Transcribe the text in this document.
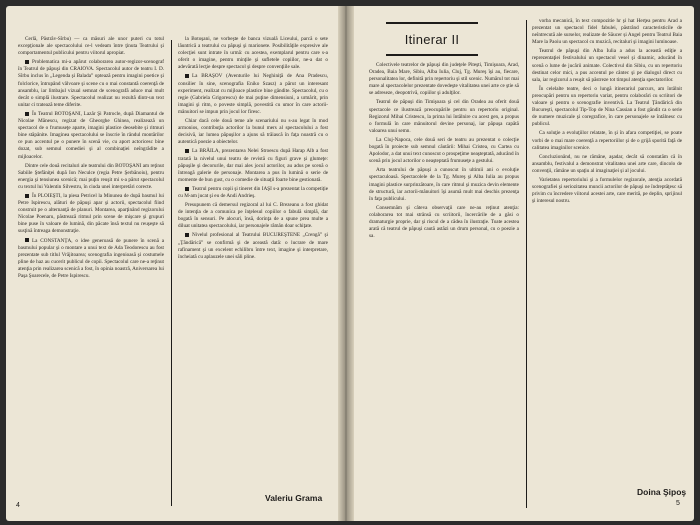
Cerlă, Păstrăv-Sîrbu) — ca măsuri ale unor puteri cu totul excepţionale ale spectacolului ce-l vedeam între ţinuta Teatrului şi comportamentul publicului pentru viitorul apropiat.

Problematica mi-a apărut colaborarea autor-regizor-scenograf în Teatrul de păpuşi din CRAIOVA. Spectacolul autor de teatru I. D. Sîrbu inclus în „Legenda şi Balada” optează pentru imagini poetice şi folclorice, întrupând vâlvoare şi scene cu o mai constantă coerenţă de ansamblu, iar limbajul vizual semnat de scenografă aduce mai mult decât o simplă ilustrare. Spectacolul realizat nu rezultă dintr-un text unitar ci tratează teme diferite.

În Teatrul BOTOŞANI, Lazăr Şi Patrocle, după Diamantul de Nicolae Mănescu, regizat de Gheorghe Ghinea, realizează un spectacol de o frumuseţe aparte, imagini plastice deosebite şi ritmuri bine stăpânite. Imaginea spectacolului se înscrie în rândul montărilor ce pun accentul pe o punere în scenă vie, cu aport actoricesc bine dozat, sub semnul comediei şi al combinaţiei neîngrădite a mijloacelor.

Dintre cele două recitaluri ale teatrului din BOTOŞANI am reţinut Sabiile Ştefăniţei după Ion Neculce (regia Petre Şerbănoiu), pentru energia şi tensiunea scenică; mai puţin reuşit mi s-a părut spectacolul cu textul lui Valentin Silvestru, în ciuda unei interpretări corecte.

În PLOIEŞTI, la piesa Petricel la Minunea de după basmul lui Petre Ispirescu, alături de păpuşi apar şi actorii, spectacolul fiind construit pe o alternanţă de planuri. Montarea, aparţinând regizorului Nicolae Poenaru, păstrează ritmul prin scene de mişcare şi grupuri bine puse în valoare de lumină, din păcate însă textul nu reuşeşte să susţină întreaga demonstraţie.

La CONSTANŢA, o idee generoasă de punere în scenă a basmului popular şi o montare a unui text de Ada Teodorescu au fost prezentate sub titlul Vrăjitoarea; scenografia ingenioasă şi costumele pline de haz au cucerit publicul de copii. Spectacolul care ne-a reţinut atenţia prin realizarea scenică a fost, în opinia noastră, Aniversarea lui Paşa Şoarecele, de Petre Ispirescu.

la Botoşani, ne vorbeşte de banca vizuală Liceului, parcă o sete lăuntrică a teatrului cu păpuşi şi marionete. Posibilităţile expresive ale colecţiei sunt intrate în urmă: cu acestea, exemplarul pentru care s-a oferit o imagine, pentru minţile şi sufletele copiilor, ne-a dat o adevărată lecţie despre spectacol şi despre convenţiile sale.

La BRAŞOV (Aventurile lui Neghiniţă de Ana Pradescu, consilier în sine, scenografia Eniko Szasz) a părut un interesant experiment, realizat cu mijloace plastice bine gândite. Spectacolul, cu o regie (Gabriela Grigorescu) de mai puţine dimensiuni, a urmărit, prin imagini şi ritm, o poveste simplă, povestită cu umor în care actorii-mânuitori se impun prin jocul lor firesc.

Chiar dacă cele două teme ale scenariului nu s-au legat în mod armonios, contribuţia actorilor la bunul mers al spectacolului a fost decisivă, iar lumea păpuşilor a ajuns să trăiască în faţa noastră cu o autentică poezie a obiectelor.

La BRĂILA, prezentarea Nelei Stroescu după Harap Alb a fost tratată la nivelul unui teatru de revistă cu figuri grave şi glumeţe: păpuşile şi decorurile, dar mai ales jocul actorilor, au adus pe scenă o întreagă galerie de personaje. Montarea a pus în lumină o serie de momente de bun gust, cu o comedie de situaţii foarte bine gestionată.

Teatrul pentru copii şi tineret din IAŞI s-a prezentat la competiţie cu M-am jucat şi eu de Andi Andrieş.

Presupunem că demersul regizoral al lui C. Brezeanu a fost ghidat de intenţia de a comunica pe înţelesul copiilor o fabulă simplă, dar bogată în sensuri. Pe alocuri, însă, dorinţa de a spune prea multe a diluat unitatea spectacolului, iar personajele rămân doar schiţate.

Nivelul profesional al Teatrului BUCUREŞTENE „Crengă” şi „Ţăndărică” se confirmă şi de această dată: o lucrare de mare rafinament şi un excelent echilibru între text, imagine şi interpretare, încheiată cu aplauzele unei săli pline.

Valeriu Grama
4
Itinerar II

Colectivele teatrelor de păpuşi din judeţele Piteşti, Timişoara, Arad, Oradea, Baia Mare, Sibiu, Alba Iulia, Cluj, Tg. Mureş îşi au, fiecare, personalitatea lor, definită prin repertoriu şi stil scenic. Numărul tot mai mare al spectacolelor prezentate dovedeşte vitalitatea unei arte ce ştie să se adreseze, deopotrivă, copiilor şi adulţilor.

Teatrul de păpuşi din Timişoara şi cel din Oradea au oferit două spectacole ce ilustrează preocupările pentru un repertoriu original. Regizorul Mihai Cristescu, la prima lui întâlnire cu acest gen, a propus o formulă în care mânuitorul devine personaj, iar păpuşa capătă valoarea unui semn.

La Cluj-Napoca, cele două seri de teatru au prezentat o colecţie bogată în proiecte sub semnul căutării: Mihai Cristea, cu Cartea cu Apolodor, a dat unui text cunoscut o prospeţime neaşteptată, aducând în scenă prin jocul actorilor o neaşteptată frumuseţe a gestului.

Arta teatrului de păpuşi a cunoscut în ultimii ani o evoluţie spectaculoasă. Spectacolele de la Tg. Mureş şi Alba Iulia au propus imagini plastice surprinzătoare, în care ritmul şi muzica devin elemente de structură, iar actorii-mânuitori îşi asumă mult mai deschis prezenţa în faţa publicului.

Consemnăm şi câteva observaţii care ne-au reţinut atenţia: colaborarea tot mai strânsă cu scriitorii, încercările de a găsi o dramaturgie proprie, dar şi riscul de a cădea în ilustraţie. Toate acestea arată că teatrul de păpuşi caută astăzi un drum personal, cu o poezie a sa.

vorba mecanică, în text compozitie hr şi hat Herţea pentru Arad a prezentat un spectacol fidel fabulei, păstrând caracteristicile de neîntrecută ale surselor, realizate de Săucer și Angel pentru Teatrul Baia Mare la Paoiu un spectacol cu muzică, recitaluri şi imagini luminoase.

Teatrul de păpuşi din Alba Iulia a adus la această ediţie a reprezentaţiei festivalului un spectacol vesel şi dinamic, aducând în scenă o lume de jucării animate. Colectivul din Sibiu, cu un repertoriu destinat celor mici, a pus accentul pe cântec şi pe dialogul direct cu sala, iar regizorul a reuşit să păstreze tot timpul atenţia spectatorilor.

În celelalte teatre, deci o lungă itinerariul parcurs, am întâlnit preocupări pentru un repertoriu variat, pentru colaborări cu scriitori de valoare şi pentru o scenografie inventivă. La Teatrul Ţăndărică din Bucureşti, spectacolul Tip-Top de Nina Cassian a fost gândit ca o serie de numere muzicale şi coregrafice, în care personajele se întâlnesc cu publicul.

Ca soluţie a evoluţiilor relatate, în şi în afara competiţiei, se poate vorbi de o mai mare coerenţă a repertoriilor şi de o grijă sporită faţă de calitatea imaginilor scenice.

Concluzionând, nu ne rămâne, aşadar, decât să constatăm că în ansamblu, festivalul a demonstrat vitalitatea unei arte care, dincolo de convenţii, rămâne un spaţiu al imaginaţiei şi al jocului.

Varietatea repertoriului şi a formulelor regizorale, atenţia acordată scenografiei şi seriozitatea muncii actorilor de păpuşi ne îndreptăţesc să privim cu încredere viitorul acestei arte, care merită, pe deplin, sprijinul şi interesul nostru.

Doina Şipoş
5
